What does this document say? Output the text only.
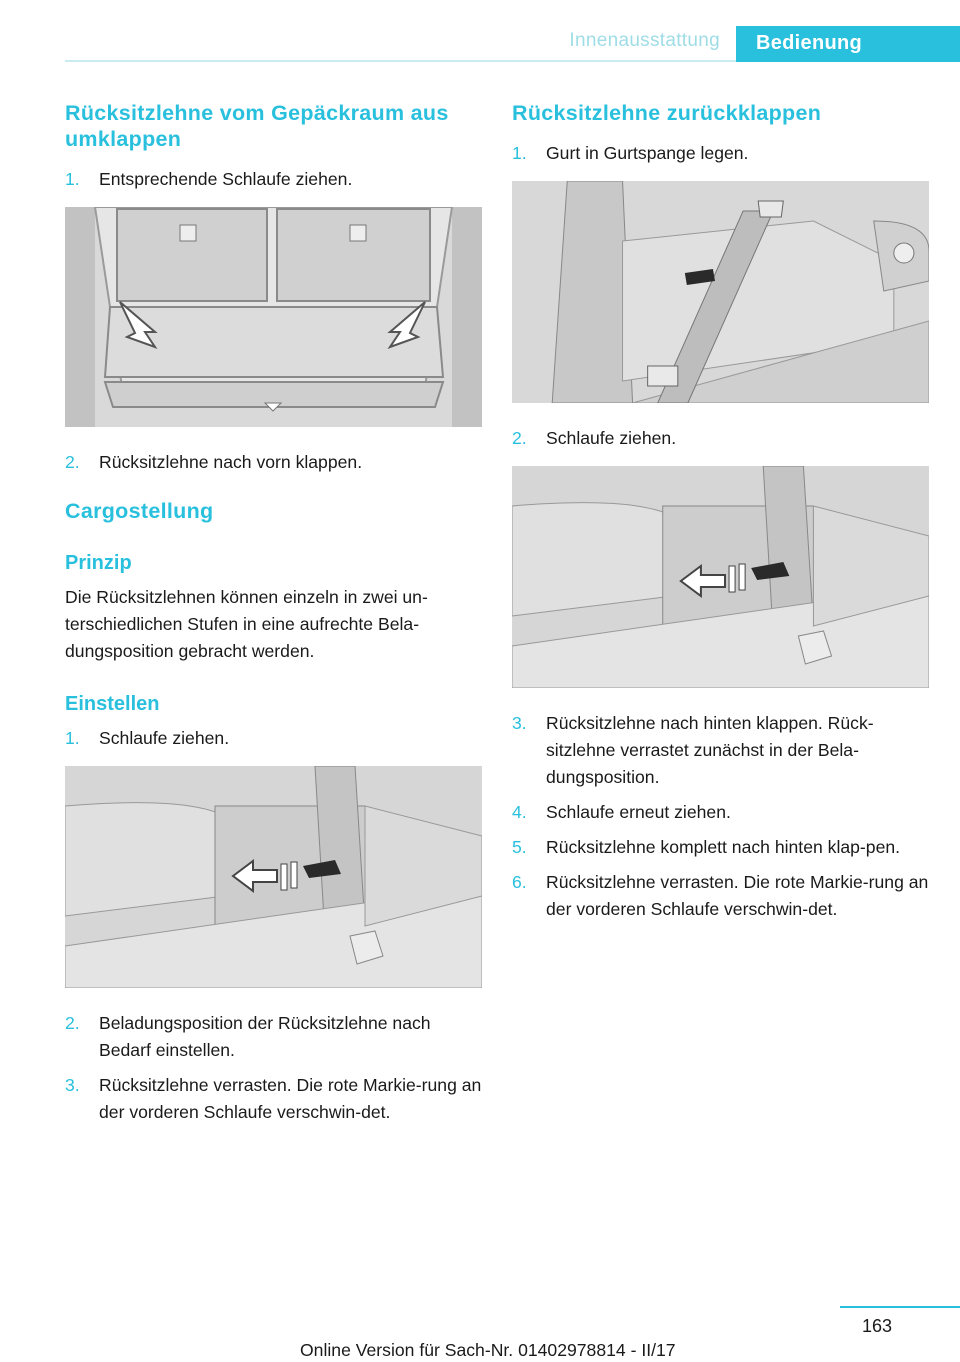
Innenausstattung	Bedienung
Rücksitzlehne vom Gepäckraum aus umklappen
1.	Entsprechende Schlaufe ziehen.
2.	Rücksitzlehne nach vorn klappen.
Cargostellung
Prinzip

Die Rücksitzlehnen können einzeln in zwei un-terschiedlichen Stufen in eine aufrechte Bela-dungsposition gebracht werden.

Einstellen
1.	Schlaufe ziehen.
2.	Beladungsposition der Rücksitzlehne nach Bedarf einstellen.
3.	Rücksitzlehne verrasten. Die rote Markie-rung an der vorderen Schlaufe verschwin-det.
Rücksitzlehne zurückklappen
1.	Gurt in Gurtspange legen.
2.	Schlaufe ziehen.
3.	Rücksitzlehne nach hinten klappen. Rück-sitzlehne verrastet zunächst in der Bela-dungsposition.
4.	Schlaufe erneut ziehen.
5.	Rücksitzlehne komplett nach hinten klap-pen.
6.	Rücksitzlehne verrasten. Die rote Markie-rung an der vorderen Schlaufe verschwin-det.
163
Online Version für Sach-Nr. 01402978814 - II/17
